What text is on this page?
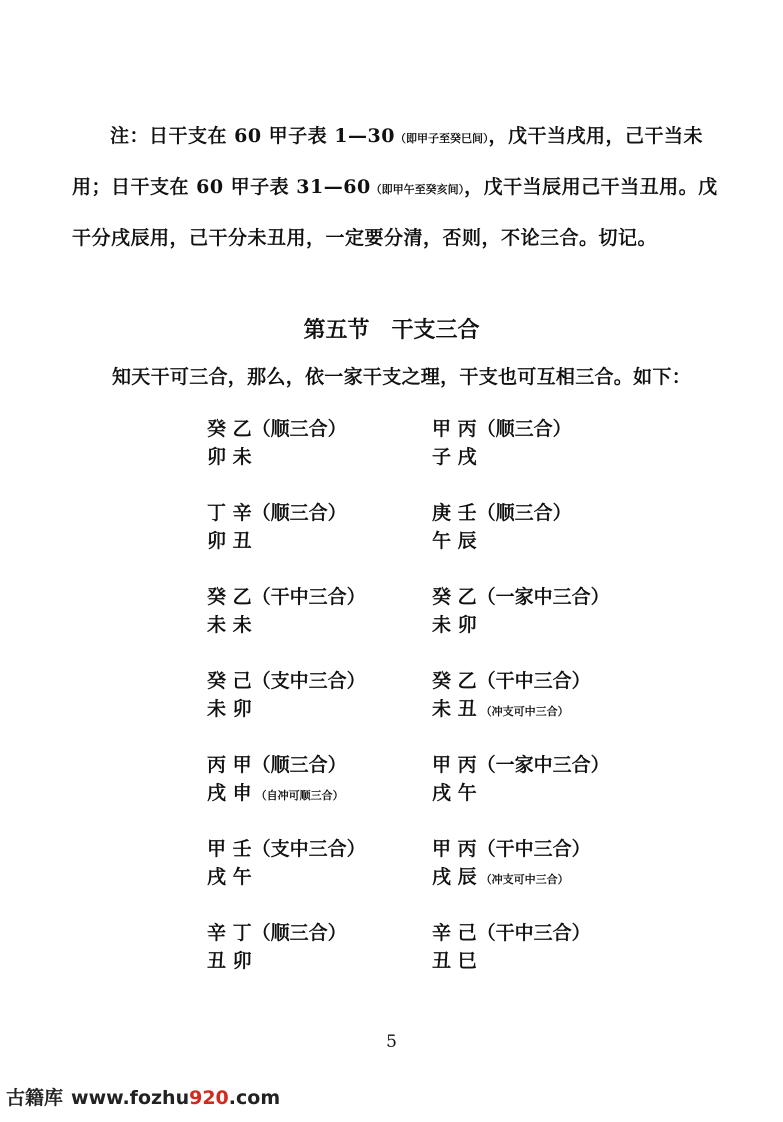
注：日干支在 60 甲子表 1—30（即甲子至癸巳间），戊干当戌用，己干当未用；日干支在 60 甲子表 31—60（即甲午至癸亥间），戊干当辰用己干当丑用。戊干分戌辰用，己干分未丑用，一定要分清，否则，不论三合。切记。

第五节　干支三合

知天干可三合，那么，依一家干支之理，干支也可互相三合。如下：

癸 乙（顺三合）
卯 未
甲 丙（顺三合）
子 戌
丁 辛（顺三合）
卯 丑
庚 壬（顺三合）
午 辰
癸 乙（干中三合）
未 未
癸 乙（一家中三合）
未 卯
癸 己（支中三合）
未 卯
癸 乙（干中三合）
未 丑 （冲支可中三合）
丙 甲（顺三合）
戌 申 （自冲可顺三合）
甲 丙（一家中三合）
戌 午
甲 壬（支中三合）
戌 午
甲 丙（干中三合）
戌 辰 （冲支可中三合）
辛 丁（顺三合）
丑 卯
辛 己（干中三合）
丑 巳
5
古籍库 www.fozhu920.com
